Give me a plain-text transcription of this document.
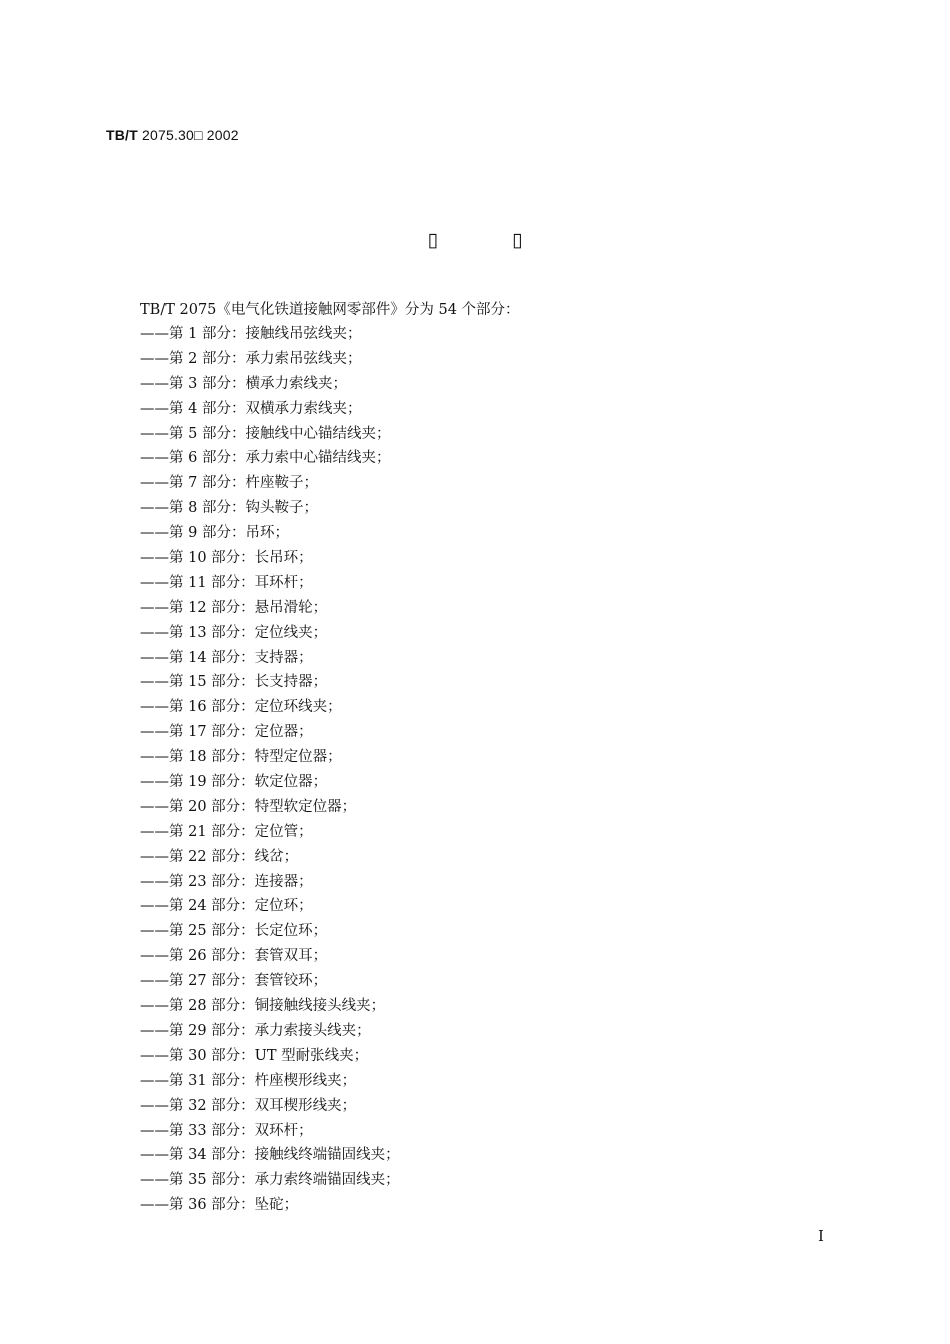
TB/T 2075.30□ 2002
▯	▯
TB/T 2075《电气化铁道接触网零部件》分为 54 个部分：
——第 1 部分：接触线吊弦线夹；
——第 2 部分：承力索吊弦线夹；
——第 3 部分：横承力索线夹；
——第 4 部分：双横承力索线夹；
——第 5 部分：接触线中心锚结线夹；
——第 6 部分：承力索中心锚结线夹；
——第 7 部分：杵座鞍子；
——第 8 部分：钩头鞍子；
——第 9 部分：吊环；
——第 10 部分：长吊环；
——第 11 部分：耳环杆；
——第 12 部分：悬吊滑轮；
——第 13 部分：定位线夹；
——第 14 部分：支持器；
——第 15 部分：长支持器；
——第 16 部分：定位环线夹；
——第 17 部分：定位器；
——第 18 部分：特型定位器；
——第 19 部分：软定位器；
——第 20 部分：特型软定位器；
——第 21 部分：定位管；
——第 22 部分：线岔；
——第 23 部分：连接器；
——第 24 部分：定位环；
——第 25 部分：长定位环；
——第 26 部分：套管双耳；
——第 27 部分：套管铰环；
——第 28 部分：铜接触线接头线夹；
——第 29 部分：承力索接头线夹；
——第 30 部分：UT 型耐张线夹；
——第 31 部分：杵座楔形线夹；
——第 32 部分：双耳楔形线夹；
——第 33 部分：双环杆；
——第 34 部分：接触线终端锚固线夹；
——第 35 部分：承力索终端锚固线夹；
——第 36 部分：坠砣；
I
